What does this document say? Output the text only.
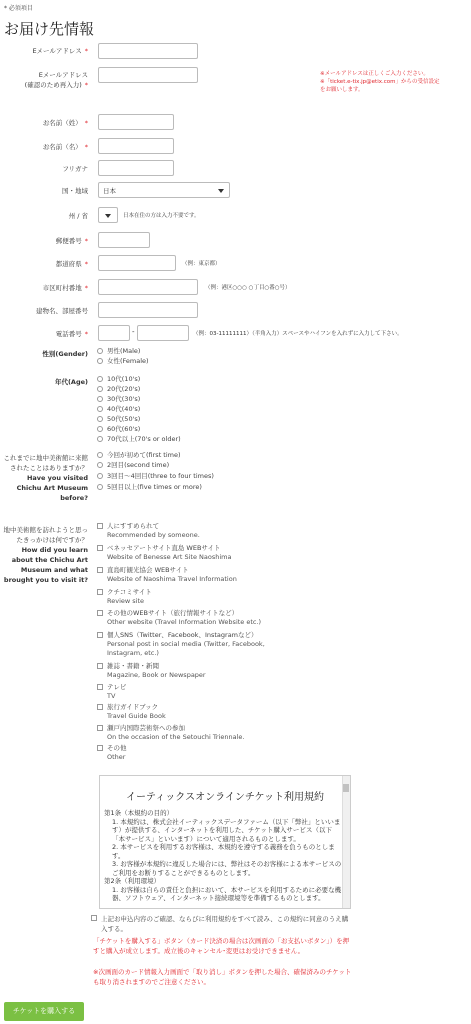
* 必須項目
お届け先情報
Eメールアドレス *
Eメールアドレス
(確認のため再入力) *
※メールアドレスは正しくご入力ください。
※「ticket.e-tix.jp@etix.com」からの受信設定をお願いします。
お名前（姓） *
お名前（名） *
フリガナ
国・地域	日本
州 / 省	日本在住の方は入力不要です。
郵便番号 *
都道府県 *	（例：東京都）
市区町村番地 *	（例：港区○○○ ○丁目○番○号）
建物名、部屋番号
電話番号 *	-	（例：03-11111111）（半角入力）スペースやハイフンを入れずに入力して下さい。
性別(Gender)	男性(Male)
女性(Female)
年代(Age)	10代(10's)
20代(20's)
30代(30's)
40代(40's)
50代(50's)
60代(60's)
70代以上(70's or older)
これまでに地中美術館に来館されたことはありますか？
Have you visited Chichu Art Museum before?
今回が初めて(first time)
2回目(second time)
3回目～4回目(three to four times)
5回目以上(five times or more)
地中美術館を訪れようと思ったきっかけは何ですか？
How did you learn about the Chichu Art Museum and what brought you to visit it?
人にすすめられて
Recommended by someone.
ベネッセアートサイト直島 WEBサイト
Website of Benesse Art Site Naoshima
直島町観光協会 WEBサイト
Website of Naoshima Travel Information
クチコミサイト
Review site
その他のWEBサイト（旅行情報サイトなど）
Other website (Travel Information Website etc.)
個人SNS（Twitter、Facebook、Instagramなど）
Personal post in social media (Twitter, Facebook, Instagram, etc.)
雑誌・書籍・新聞
Magazine, Book or Newspaper
テレビ
TV
旅行ガイドブック
Travel Guide Book
瀬戸内国際芸術祭への参加
On the occasion of the Setouchi Triennale.
その他
Other
イーティックスオンラインチケット利用規約

第1条（本規約の目的）

1. 本規約は、株式会社イーティックスデータファーム（以下「弊社」といいます）が提供する、インターネットを利用した、チケット購入サービス（以下「本サービス」といいます）について適用されるものとします。

2. 本サービスを利用するお客様は、本規約を遵守する義務を負うものとします。

3. お客様が本規約に違反した場合には、弊社はそのお客様による本サービスのご利用をお断りすることができるものとします。

第2条（利用環境）

1. お客様は自らの責任と負担において、本サービスを利用するために必要な機器、ソフトウェア、インターネット接続環境等を準備するものとします。

上記お申込内容のご確認、ならびに利用規約をすべて読み、この規約に同意のうえ購入する。
「チケットを購入する」ボタン（カード決済の場合は次画面の「お支払いボタン」）を押すと購入が成立します。成立後のキャンセル･変更はお受けできません。
※次画面のカード情報入力画面で「取り消し」ボタンを押した場合、確保済みのチケットも取り消されますのでご注意ください。
チケットを購入する
